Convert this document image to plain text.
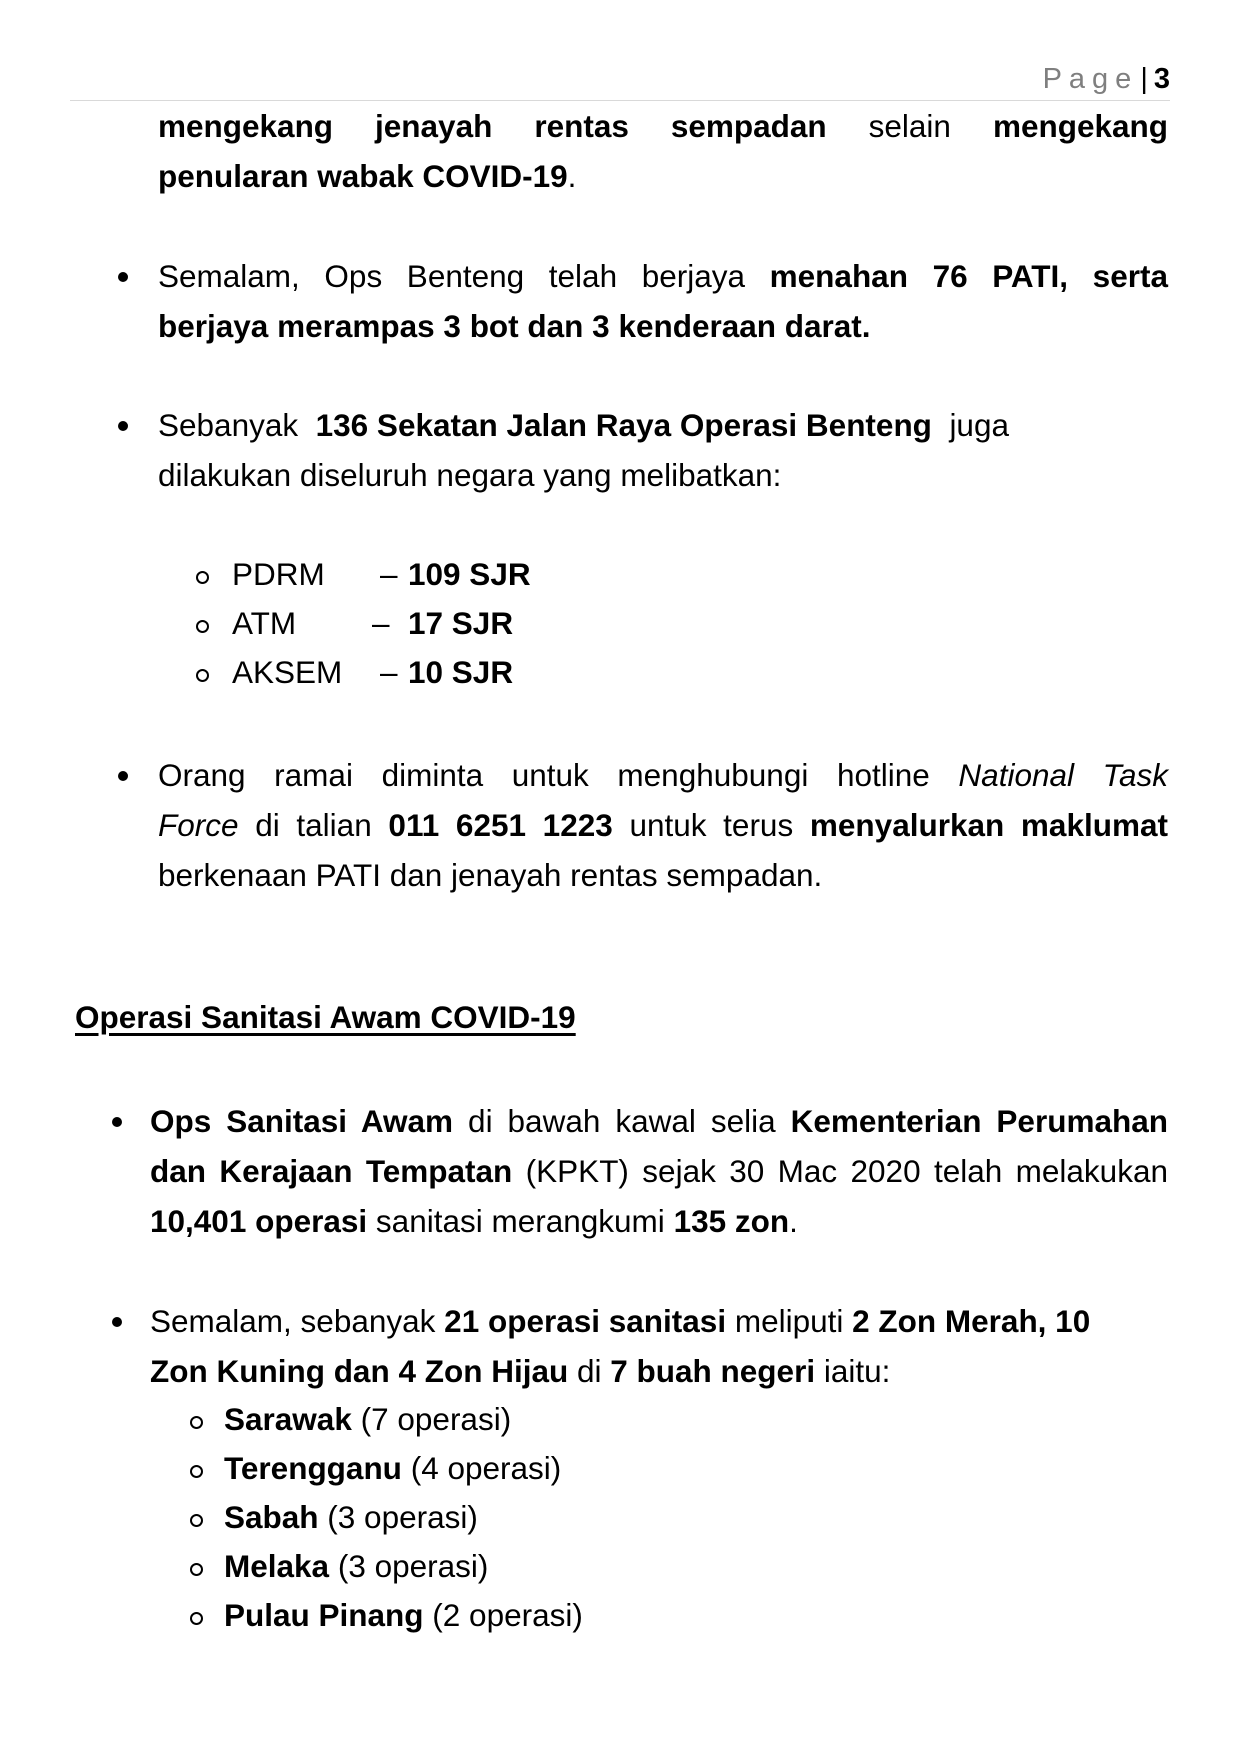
Page| 3
mengekang jenayah rentas sempadan selain mengekang
penularan wabak COVID-19.
Semalam, Ops Benteng telah berjaya menahan 76 PATI, serta
berjaya merampas 3 bot dan 3 kenderaan darat.
Sebanyak 136 Sekatan Jalan Raya Operasi Benteng juga
dilakukan diseluruh negara yang melibatkan:
PDRM – 109 SJR
ATM – 17 SJR
AKSEM – 10 SJR
Orang ramai diminta untuk menghubungi hotline National Task
Force di talian 011 6251 1223 untuk terus menyalurkan maklumat
berkenaan PATI dan jenayah rentas sempadan.
Operasi Sanitasi Awam COVID-19
Ops Sanitasi Awam di bawah kawal selia Kementerian Perumahan
dan Kerajaan Tempatan (KPKT) sejak 30 Mac 2020 telah melakukan
10,401 operasi sanitasi merangkumi 135 zon.
Semalam, sebanyak 21 operasi sanitasi meliputi 2 Zon Merah, 10
Zon Kuning dan 4 Zon Hijau di 7 buah negeri iaitu:
Sarawak (7 operasi)
Terengganu (4 operasi)
Sabah (3 operasi)
Melaka (3 operasi)
Pulau Pinang (2 operasi)
